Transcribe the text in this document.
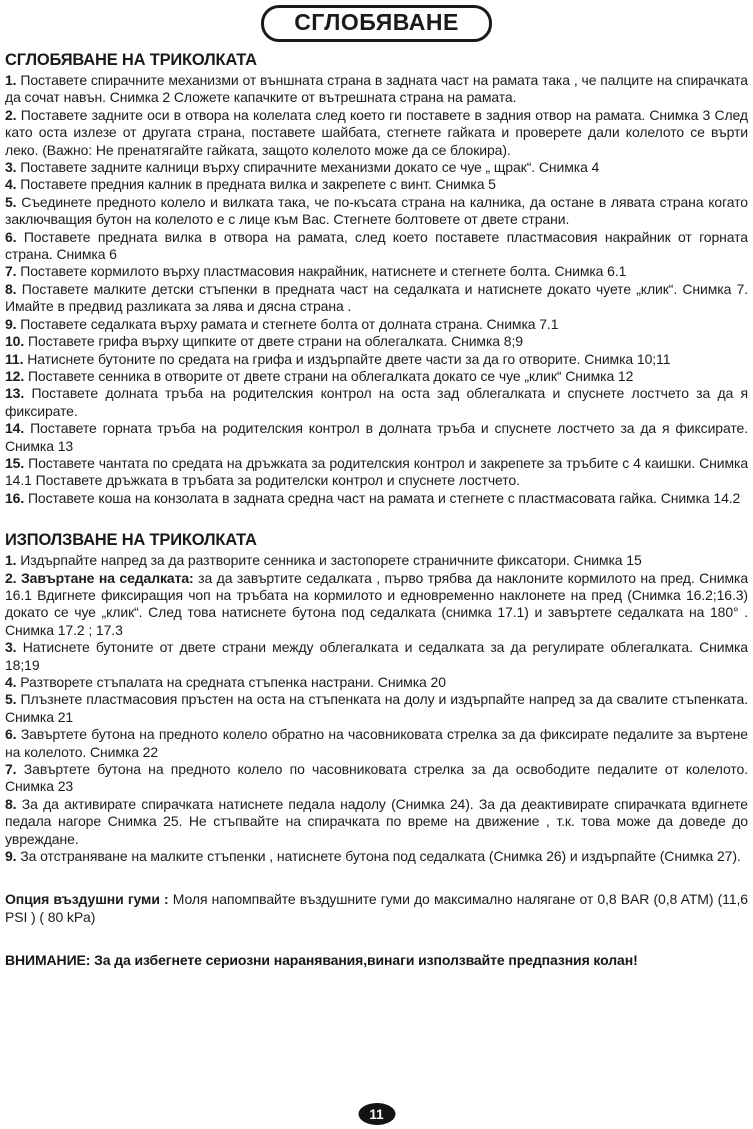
СГЛОБЯВАНЕ
СГЛОБЯВАНЕ НА ТРИКОЛКАТА

1. Поставете спирачните механизми от външната страна в задната част на рамата така , че палците на спирачката да сочат навън. Снимка 2 Сложете капачките от вътрешната страна на рамата.

2. Поставете задните оси в отвора на колелата след което ги поставете в задния отвор на рамата. Снимка 3 След като оста излезе от другата страна, поставете шайбата, стегнете гайката и проверете дали колелото се върти леко. (Важно: Не пренатягайте гайката, защото колелото може да се блокира).

3. Поставете задните калници върху спирачните механизми докато се чуе „ щрак“. Снимка 4

4. Поставете предния калник в предната вилка и закрепете с винт. Снимка 5

5. Съединете предното колело и вилката така, че по-късата страна на калника, да остане в лявата страна когато заключващия бутон на колелото е с лице към Вас. Стегнете болтовете от двете страни.

6. Поставете предната вилка в отвора на рамата, след което поставете пластмасовия накрайник от горната страна. Снимка 6

7. Поставете кормилото върху пластмасовия накрайник, натиснете и стегнете болта. Снимка 6.1

8. Поставете малките детски стъпенки в предната част на седалката и натиснете докато чуете „клик“. Снимка 7. Имайте в предвид разликата за лява и дясна страна .

9. Поставете седалката върху рамата и стегнете болта от долната страна. Снимка 7.1

10. Поставете грифа върху щипките от двете страни на облегалката. Снимка 8;9

11. Натиснете бутоните по средата на грифа и издърпайте двете части за да го отворите. Снимка 10;11

12. Поставете сенника в отворите от двете страни на облегалката докато се чуе „клик“ Снимка 12

13. Поставете долната тръба на родителския контрол на оста зад облегалката и спуснете лостчето за да я фиксирате.

14. Поставете горната тръба на родителския контрол в долната тръба и спуснете лостчето за да я фиксирате. Снимка 13

15. Поставете чантата по средата на дръжката за родителския контрол и закрепете за тръбите с 4 каишки. Снимка 14.1 Поставете дръжката в тръбата за родителски контрол и спуснете лостчето.

16. Поставете коша на конзолата в задната средна част на рамата и стегнете с пластмасовата гайка. Снимка 14.2

ИЗПОЛЗВАНЕ НА ТРИКОЛКАТА

1. Издърпайте напред за да разтворите сенника и застопорете страничните фиксатори. Снимка 15

2. Завъртане на седалката: за да завъртите седалката , първо трябва да наклоните кормилото на пред. Снимка 16.1 Вдигнете фиксиращия чоп на тръбата на кормилото и едновременно наклонете на пред (Снимка 16.2;16.3) докато се чуе „клик“. След това натиснете бутона под седалката (снимка 17.1) и завъртете седалката на 180° . Снимка 17.2 ; 17.3

3. Натиснете бутоните от двете страни между облегалката и седалката за да регулирате облегалката. Снимка 18;19

4. Разтворете стъпалата на средната стъпенка настрани. Снимка 20

5. Плъзнете пластмасовия пръстен на оста на стъпенката на долу и издърпайте напред за да свалите стъпенката. Снимка 21

6. Завъртете бутона на предното колело обратно на часовниковата стрелка за да фиксирате педалите за въртене на колелото. Снимка 22

7. Завъртете бутона на предното колело по часовниковата стрелка за да освободите педалите от колелото. Снимка 23

8. За да активирате спирачката натиснете педала надолу (Снимка 24). За да деактивирате спирачката вдигнете педала нагоре Снимка 25. Не стъпвайте на спирачката по време на движение , т.к. това може да доведе до увреждане.

9. За отстраняване на малките стъпенки , натиснете бутона под седалката (Снимка 26) и издърпайте (Снимка 27).

Опция въздушни гуми : Моля напомпвайте въздушните гуми до максимално налягане от 0,8 BAR (0,8 ATM) (11,6 PSI ) ( 80 kPa)

ВНИМАНИЕ: За да избегнете сериозни наранявания,винаги използвайте предпазния колан!

11
